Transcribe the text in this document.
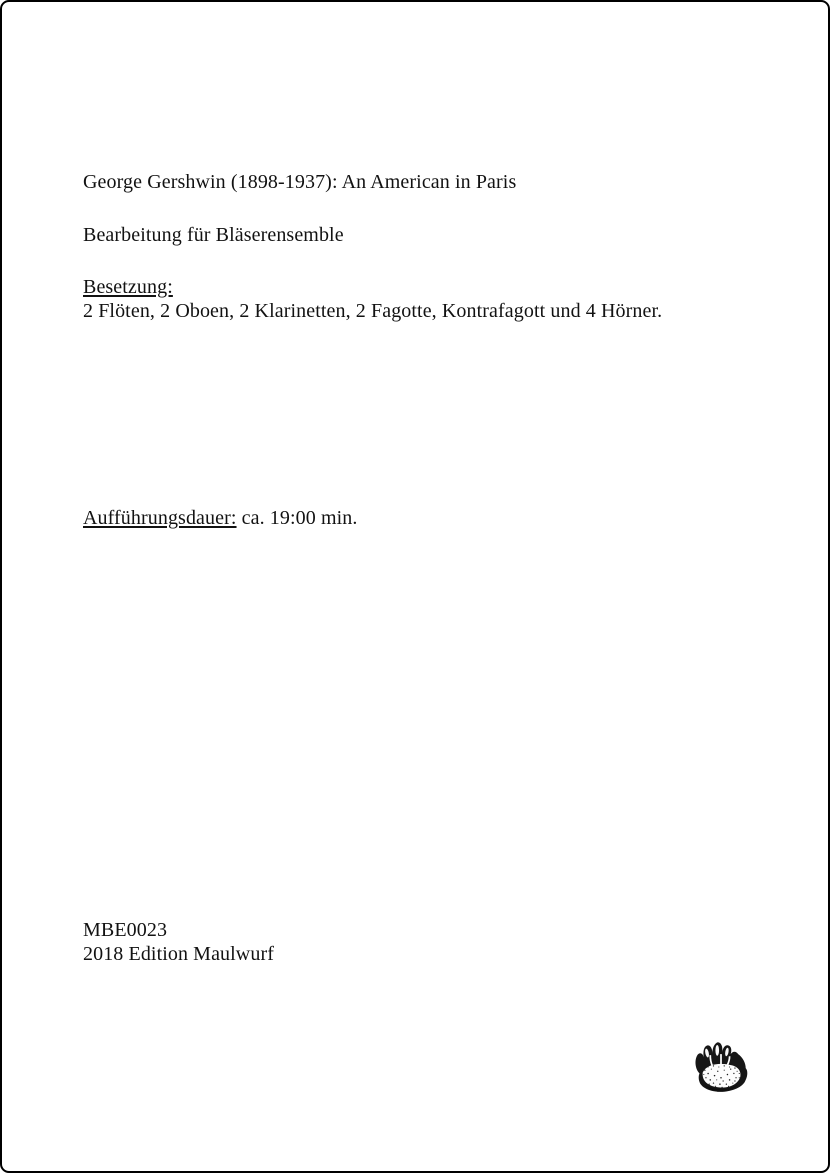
George Gershwin (1898-1937): An American in Paris
Bearbeitung für Bläserensemble
Besetzung:
2 Flöten, 2 Oboen, 2 Klarinetten, 2 Fagotte, Kontrafagott und 4 Hörner.
Aufführungsdauer: ca. 19:00 min.
MBE0023
2018 Edition Maulwurf
